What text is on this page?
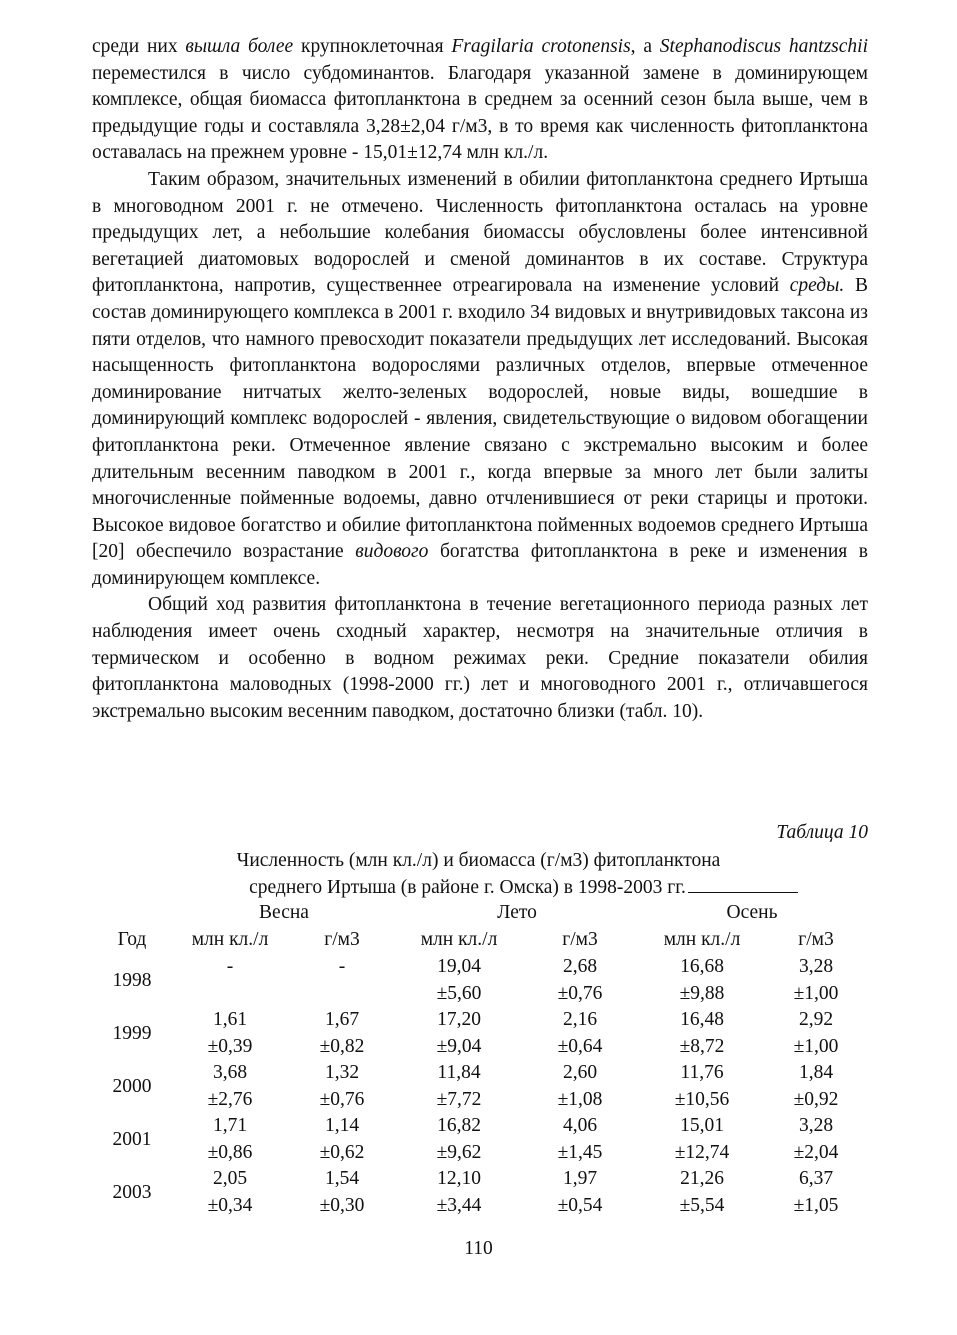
среди них вышла более крупноклеточная Fragilaria crotonensis, а Stephanodiscus hantzschii переместился в число субдоминантов. Благодаря указанной замене в доминирующем комплексе, общая биомасса фитопланктона в среднем за осенний сезон была выше, чем в предыдущие годы и составляла 3,28±2,04 г/м3, в то время как численность фитопланктона оставалась на прежнем уровне - 15,01±12,74 млн кл./л.

Таким образом, значительных изменений в обилии фитопланктона среднего Иртыша в многоводном 2001 г. не отмечено. Численность фитопланктона осталась на уровне предыдущих лет, а небольшие колебания биомассы обусловлены более интенсивной вегетацией диатомовых водорослей и сменой доминантов в их составе. Структура фитопланктона, напротив, существеннее отреагировала на изменение условий среды. В состав доминирующего комплекса в 2001 г. входило 34 видовых и внутривидовых таксона из пяти отделов, что намного превосходит показатели предыдущих лет исследований. Высокая насыщенность фитопланктона водорослями различных отделов, впервые отмеченное доминирование нитчатых желто-зеленых водорослей, новые виды, вошедшие в доминирующий комплекс водорослей - явления, свидетельствующие о видовом обогащении фитопланктона реки. Отмеченное явление связано с экстремально высоким и более длительным весенним паводком в 2001 г., когда впервые за много лет были залиты многочисленные пойменные водоемы, давно отчленившиеся от реки старицы и протоки. Высокое видовое богатство и обилие фитопланктона пойменных водоемов среднего Иртыша [20] обеспечило возрастание видового богатства фитопланктона в реке и изменения в доминирующем комплексе.

Общий ход развития фитопланктона в течение вегетационного периода разных лет наблюдения имеет очень сходный характер, несмотря на значительные отличия в термическом и особенно в водном режимах реки. Средние показатели обилия фитопланктона маловодных (1998-2000 гг.) лет и многоводного 2001 г., отличавшегося экстремально высоким весенним паводком, достаточно близки (табл. 10).

Таблица 10
Численность (млн кл./л) и биомасса (г/м3) фитопланктона
среднего Иртыша (в районе г. Омска) в 1998-2003 гг.
	Весна		Лето		Осень	
Год	млн кл./л	г/м3	млн кл./л	г/м3	млн кл./л	г/м3
1998	-	-	19,04	2,68	16,68	3,28
			±5,60	±0,76	±9,88	±1,00
1999	1,61	1,67	17,20	2,16	16,48	2,92
	±0,39	±0,82	±9,04	±0,64	±8,72	±1,00
2000	3,68	1,32	11,84	2,60	11,76	1,84
	±2,76	±0,76	±7,72	±1,08	±10,56	±0,92
2001	1,71	1,14	16,82	4,06	15,01	3,28
	±0,86	±0,62	±9,62	±1,45	±12,74	±2,04
2003	2,05	1,54	12,10	1,97	21,26	6,37
	±0,34	±0,30	±3,44	±0,54	±5,54	±1,05
110
